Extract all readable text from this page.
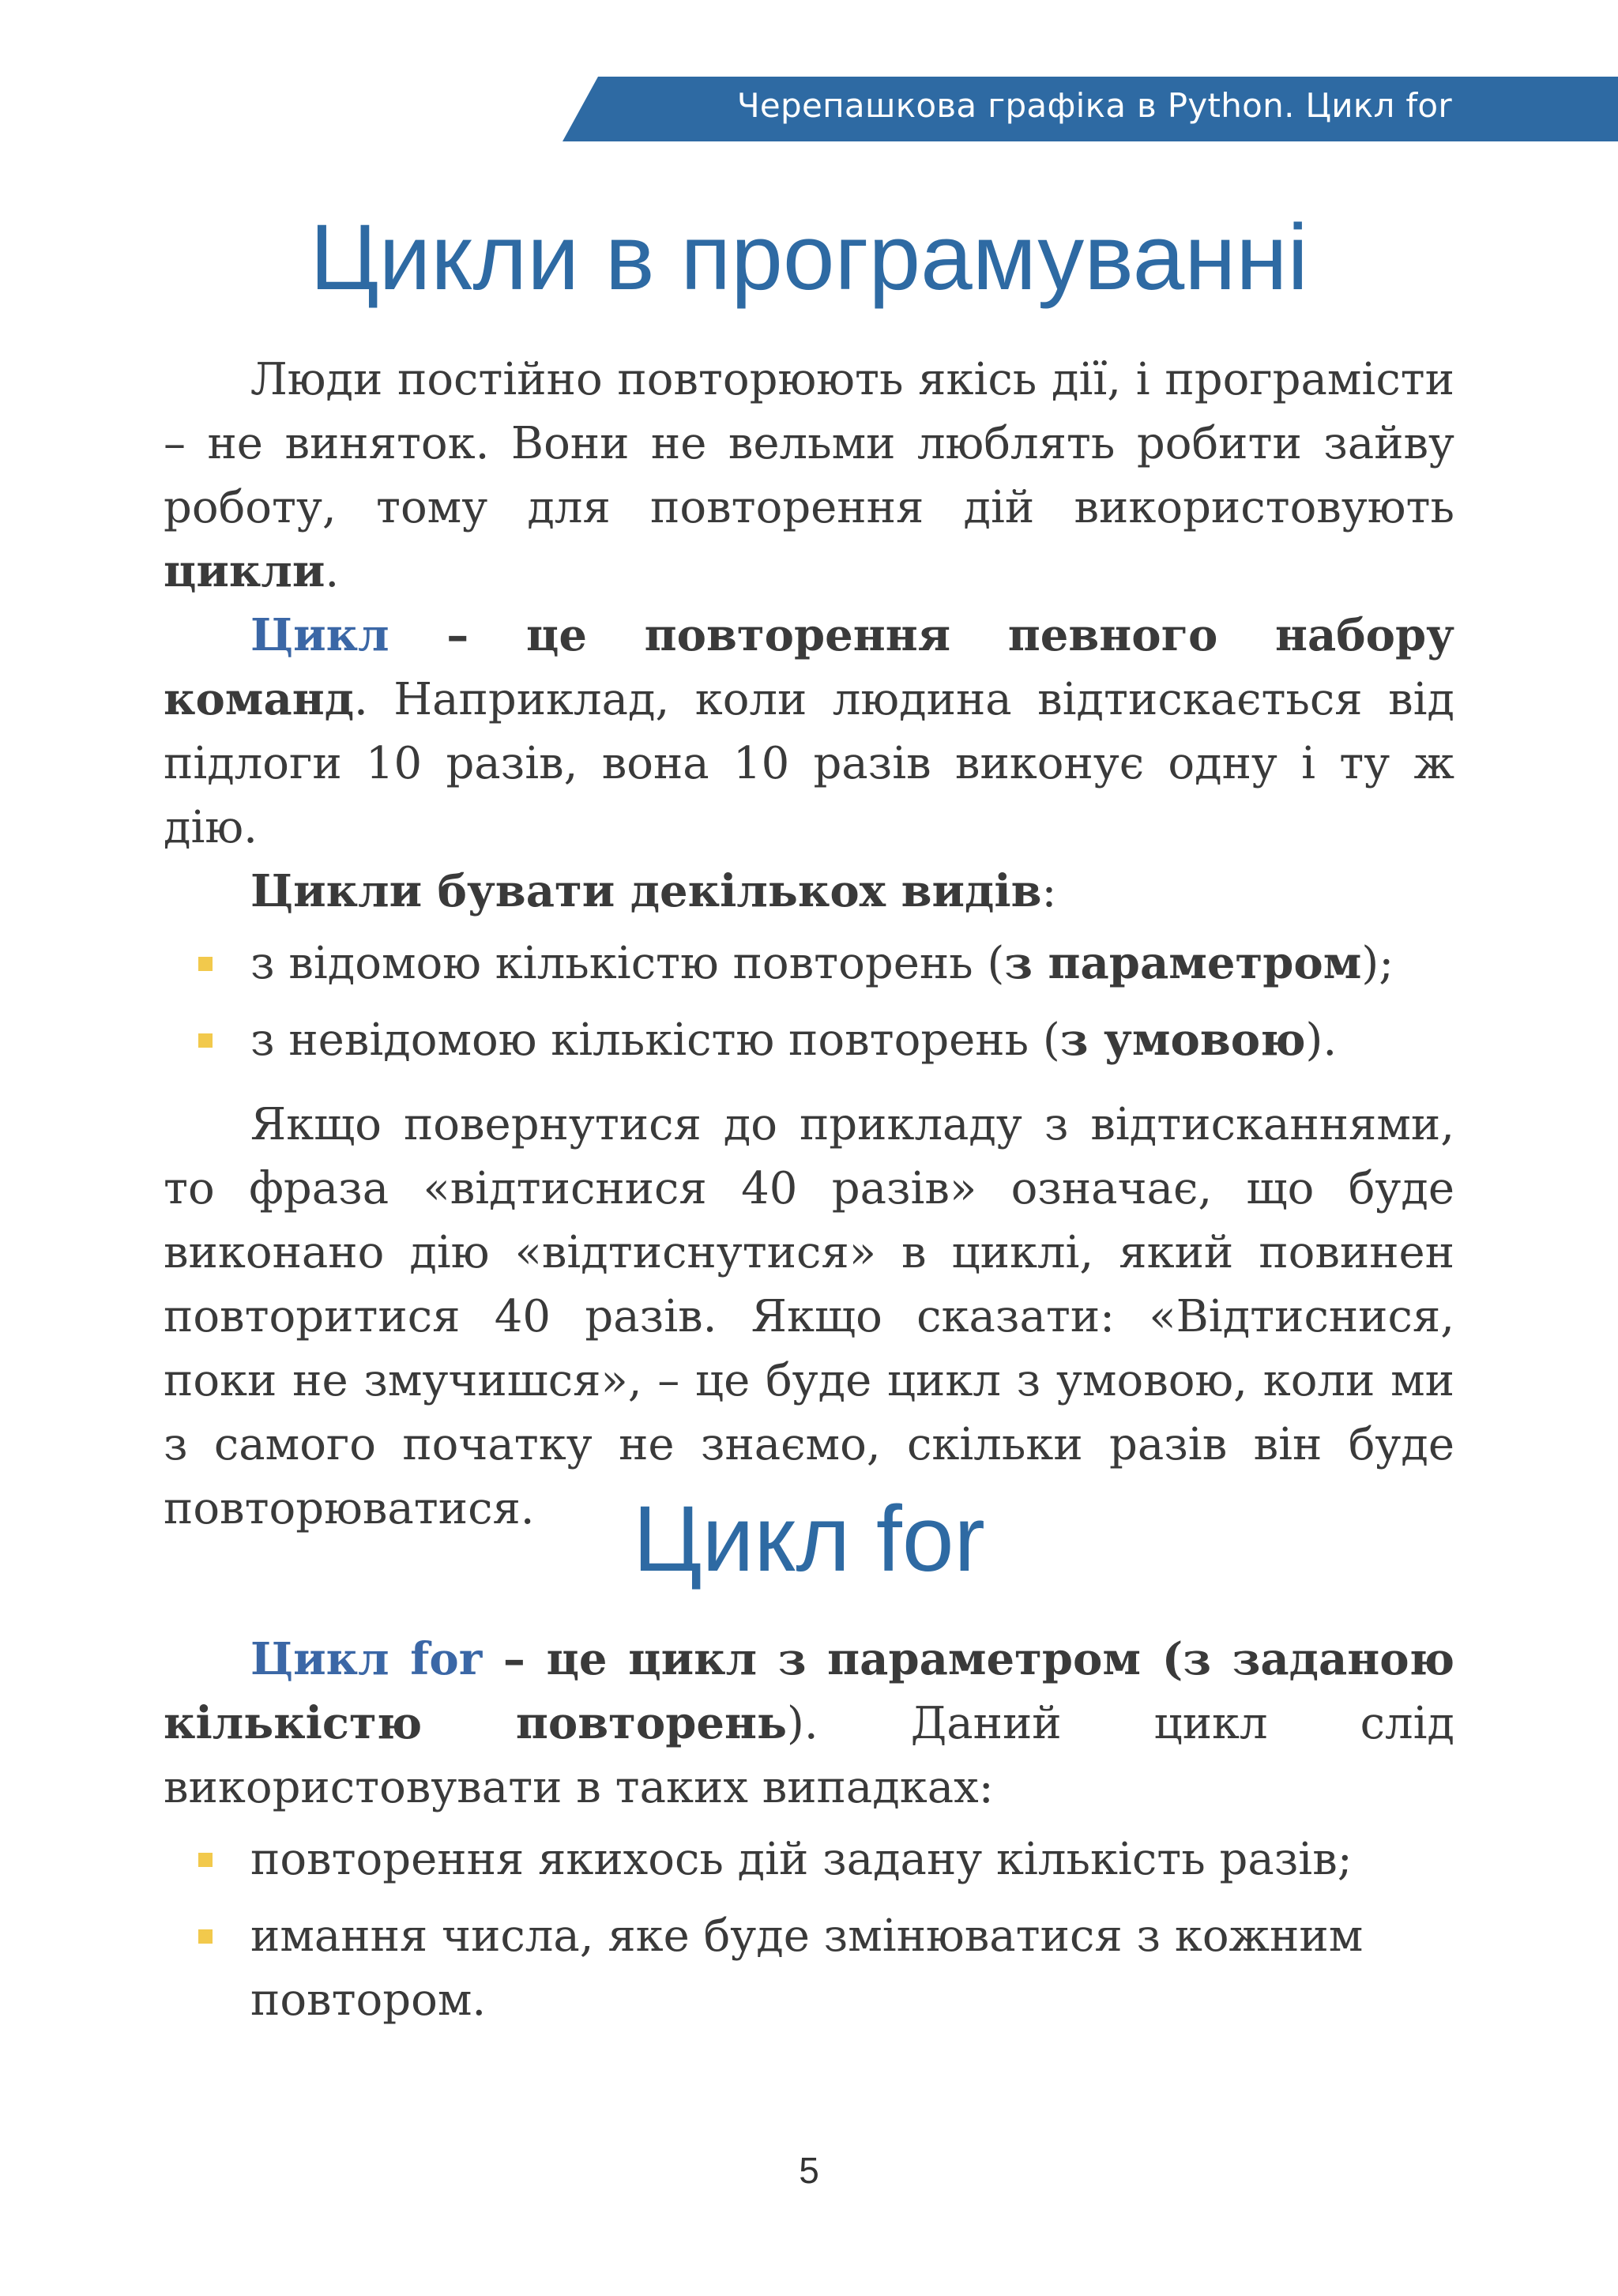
Черепашкова графіка в Python. Цикл for
Цикли в програмуванні

Люди постійно повторюють якісь дії, і програмісти – не виняток. Вони не вельми люблять робити зайву роботу, тому для повторення дій використовують цикли.

Цикл – це повторення певного набору команд. Наприклад, коли людина відтискається від підлоги 10 разів, вона 10 разів виконує одну і ту ж дію.

Цикли бувати декількох видів:

з відомою кількістю повторень (з параметром);
з невідомою кількістю повторень (з умовою).

Якщо повернутися до прикладу з відтисканнями, то фраза «відтиснися 40 разів» означає, що буде виконано дію «відтиснутися» в циклі, який повинен повторитися 40 разів. Якщо сказати: «Відтиснися, поки не змучишся», – це буде цикл з умовою, коли ми з самого початку не знаємо, скільки разів він буде повторюватися.	Цикл for

Цикл for – це цикл з параметром (з заданою кількістю повторень). Даний цикл слід використовувати в таких випадках:

повторення якихось дій задану кількість разів;
имання числа, яке буде змінюватися з кожним повтором.
5
